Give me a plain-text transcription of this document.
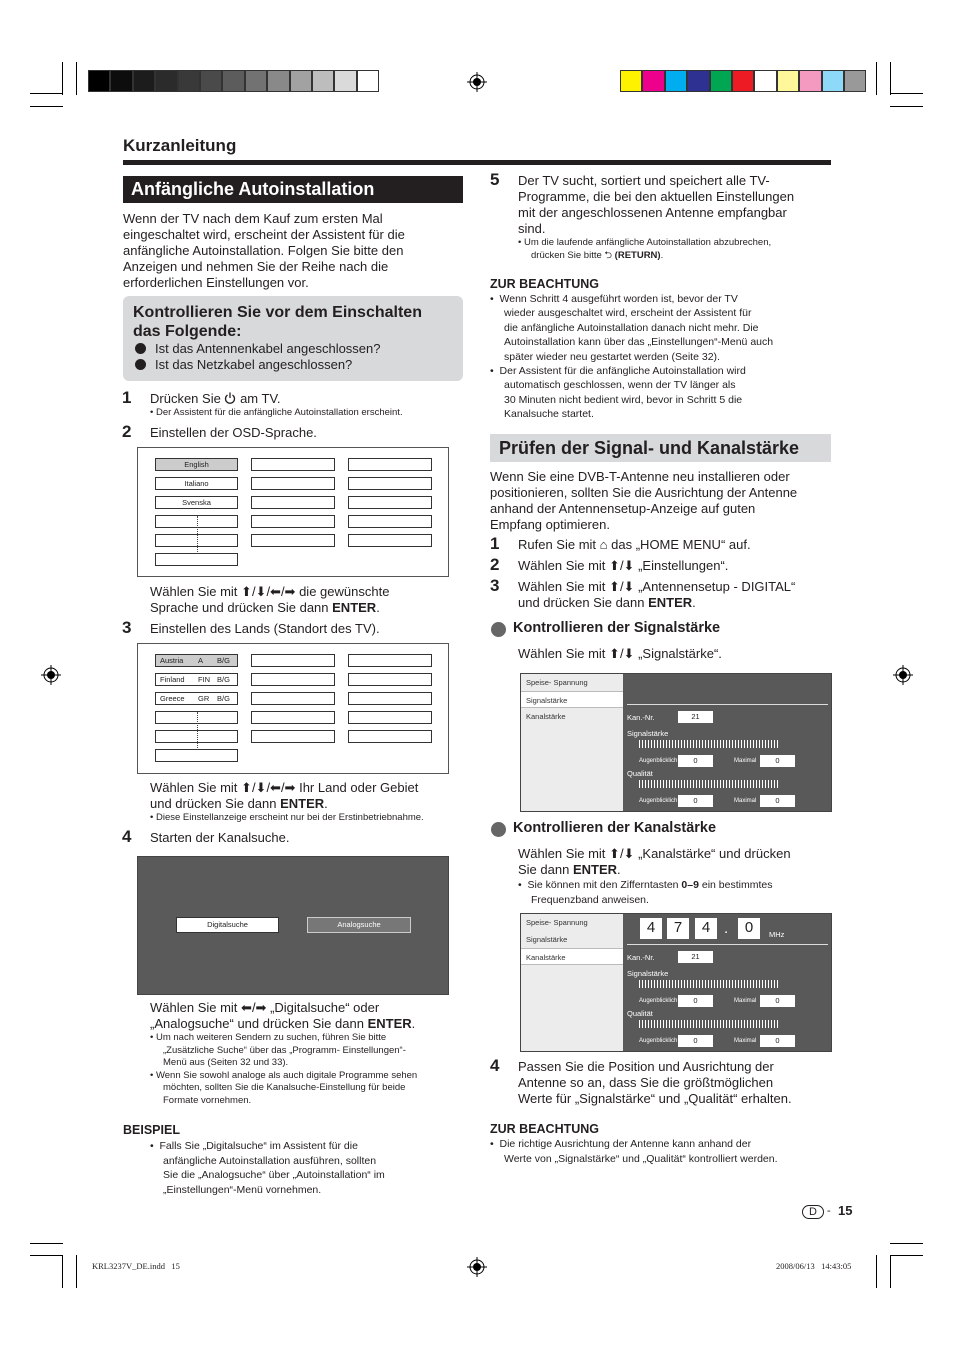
Kurzanleitung
Anfängliche Autoinstallation
Wenn der TV nach dem Kauf zum ersten Mal
eingeschaltet wird, erscheint der Assistent für die
anfängliche Autoinstallation. Folgen Sie bitte den
Anzeigen und nehmen Sie der Reihe nach die
erforderlichen Einstellungen vor.
Kontrollieren Sie vor dem Einschalten
das Folgende:
Ist das Antennenkabel angeschlossen?
Ist das Netzkabel angeschlossen?
1 Drücken Sie am TV.
• Der Assistent für die anfängliche Autoinstallation erscheint.
2 Einstellen der OSD-Sprache.
English
Italiano
Svenska
Wählen Sie mit ⬆/⬇/⬅/➡ die gewünschte
Sprache und drücken Sie dann ENTER.
3 Einstellen des Lands (Standort des TV).
Austria A B/G
Finland FIN B/G
Greece GR B/G
Wählen Sie mit ⬆/⬇/⬅/➡ Ihr Land oder Gebiet
und drücken Sie dann ENTER.
• Diese Einstellanzeige erscheint nur bei der Erstinbetriebnahme.
4 Starten der Kanalsuche.
Digitalsuche	Analogsuche
Wählen Sie mit ⬅/➡ „Digitalsuche“ oder
„Analogsuche“ und drücken Sie dann ENTER.
• Um nach weiteren Sendern zu suchen, führen Sie bitte
„Zusätzliche Suche“ über das „Programm- Einstellungen“-
Menü aus (Seiten 32 und 33).
• Wenn Sie sowohl analoge als auch digitale Programme sehen
möchten, sollten Sie die Kanalsuche-Einstellung für beide
Formate vornehmen.
BEISPIEL
•  Falls Sie „Digitalsuche“ im Assistent für die
anfängliche Autoinstallation ausführen, sollten
Sie die „Analogsuche“ über „Autoinstallation“ im
„Einstellungen“-Menü vornehmen.
5 Der TV sucht, sortiert und speichert alle TV-
Programme, die bei den aktuellen Einstellungen
mit der angeschlossenen Antenne empfangbar
sind.
• Um die laufende anfängliche Autoinstallation abzubrechen,
drücken Sie bitte ⮌ (RETURN).
ZUR BEACHTUNG
•  Wenn Schritt 4 ausgeführt worden ist, bevor der TV
wieder ausgeschaltet wird, erscheint der Assistent für
die anfängliche Autoinstallation danach nicht mehr. Die
Autoinstallation kann über das „Einstellungen“-Menü auch
später wieder neu gestartet werden (Seite 32).
•  Der Assistent für die anfängliche Autoinstallation wird
automatisch geschlossen, wenn der TV länger als
30 Minuten nicht bedient wird, bevor in Schritt 5 die
Kanalsuche startet.
Prüfen der Signal- und Kanalstärke
Wenn Sie eine DVB-T-Antenne neu installieren oder
positionieren, sollten Sie die Ausrichtung der Antenne
anhand der Antennensetup-Anzeige auf guten
Empfang optimieren.
1 Rufen Sie mit ⌂ das „HOME MENU“ auf.
2 Wählen Sie mit ⬆/⬇ „Einstellungen“.
3 Wählen Sie mit ⬆/⬇ „Antennensetup - DIGITAL“
und drücken Sie dann ENTER.
Kontrollieren der Signalstärke
Wählen Sie mit ⬆/⬇ „Signalstärke“.
Speise- Spannung
Signalstärke
Kanalstärke	Kan.-Nr.	21
Signalstärke
Augenblicklich	0	Maximal	0
Qualität
Augenblicklich	0	Maximal	0
Kontrollieren der Kanalstärke
Wählen Sie mit ⬆/⬇ „Kanalstärke“ und drücken
Sie dann ENTER.
•  Sie können mit den Zifferntasten 0–9 ein bestimmtes
Frequenzband anweisen.
Speise- Spannung
Signalstärke
Kanalstärke
4	7	4 .	0	MHz
Kan.-Nr.	21
Signalstärke
Augenblicklich	0	Maximal	0
Qualität
Augenblicklich	0	Maximal	0
4 Passen Sie die Position und Ausrichtung der
Antenne so an, dass Sie die größtmöglichen
Werte für „Signalstärke“ und „Qualität“ erhalten.
ZUR BEACHTUNG
•  Die richtige Ausrichtung der Antenne kann anhand der
Werte von „Signalstärke“ und „Qualität“ kontrolliert werden.
D - 15
KRL3237V_DE.indd   15	2008/06/13   14:43:05
